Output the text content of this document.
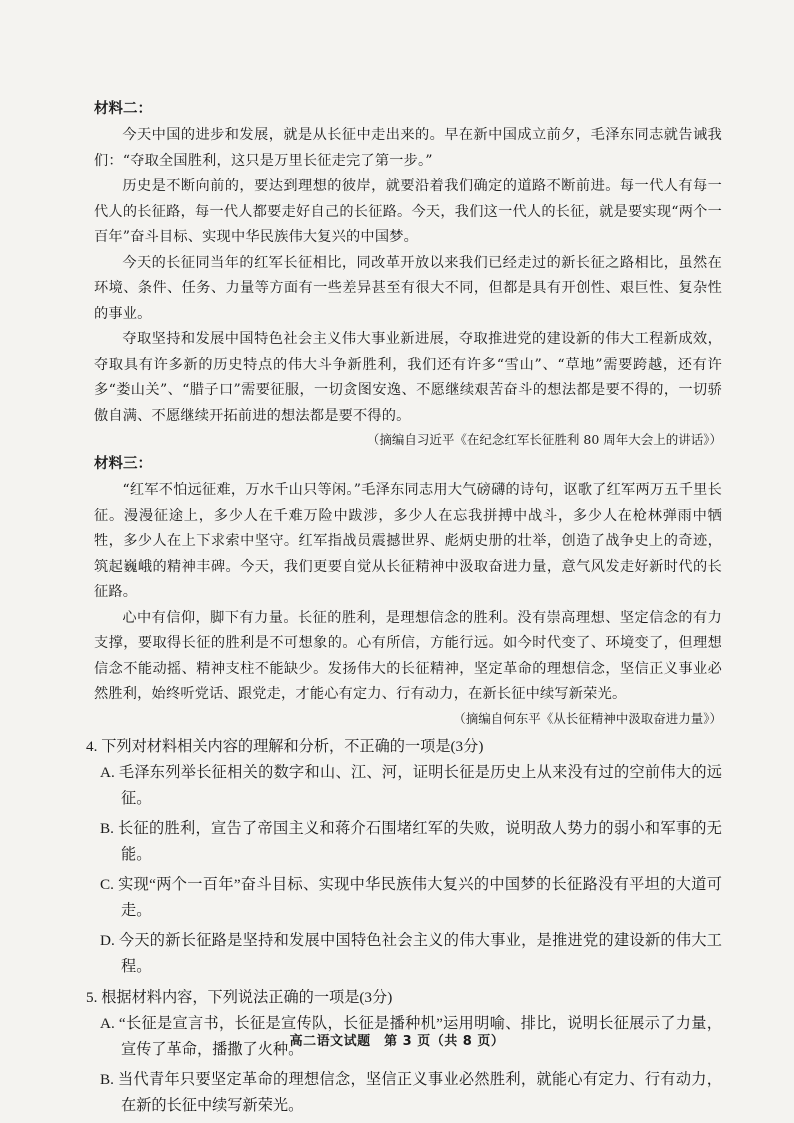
材料二：

今天中国的进步和发展，就是从长征中走出来的。早在新中国成立前夕，毛泽东同志就告诫我们：“夺取全国胜利，这只是万里长征走完了第一步。”

历史是不断向前的，要达到理想的彼岸，就要沿着我们确定的道路不断前进。每一代人有每一代人的长征路，每一代人都要走好自己的长征路。今天，我们这一代人的长征，就是要实现“两个一百年”奋斗目标、实现中华民族伟大复兴的中国梦。

今天的长征同当年的红军长征相比，同改革开放以来我们已经走过的新长征之路相比，虽然在环境、条件、任务、力量等方面有一些差异甚至有很大不同，但都是具有开创性、艰巨性、复杂性的事业。

夺取坚持和发展中国特色社会主义伟大事业新进展，夺取推进党的建设新的伟大工程新成效，夺取具有许多新的历史特点的伟大斗争新胜利，我们还有许多“雪山”、“草地”需要跨越，还有许多“娄山关”、“腊子口”需要征服，一切贪图安逸、不愿继续艰苦奋斗的想法都是要不得的，一切骄傲自满、不愿继续开拓前进的想法都是要不得的。

（摘编自习近平《在纪念红军长征胜利 80 周年大会上的讲话》）
材料三：

“红军不怕远征难，万水千山只等闲。”毛泽东同志用大气磅礴的诗句，讴歌了红军两万五千里长征。漫漫征途上，多少人在千难万险中跋涉，多少人在忘我拼搏中战斗，多少人在枪林弹雨中牺牲，多少人在上下求索中坚守。红军指战员震撼世界、彪炳史册的壮举，创造了战争史上的奇迹，筑起巍峨的精神丰碑。今天，我们更要自觉从长征精神中汲取奋进力量，意气风发走好新时代的长征路。

心中有信仰，脚下有力量。长征的胜利，是理想信念的胜利。没有崇高理想、坚定信念的有力支撑，要取得长征的胜利是不可想象的。心有所信，方能行远。如今时代变了、环境变了，但理想信念不能动摇、精神支柱不能缺少。发扬伟大的长征精神，坚定革命的理想信念，坚信正义事业必然胜利，始终听党话、跟党走，才能心有定力、行有动力，在新长征中续写新荣光。

（摘编自何东平《从长征精神中汲取奋进力量》）
4. 下列对材料相关内容的理解和分析，不正确的一项是(3分)
A. 毛泽东列举长征相关的数字和山、江、河，证明长征是历史上从来没有过的空前伟大的远征。
B. 长征的胜利，宣告了帝国主义和蒋介石围堵红军的失败，说明敌人势力的弱小和军事的无能。
C. 实现“两个一百年”奋斗目标、实现中华民族伟大复兴的中国梦的长征路没有平坦的大道可走。
D. 今天的新长征路是坚持和发展中国特色社会主义的伟大事业，是推进党的建设新的伟大工程。
5. 根据材料内容，下列说法正确的一项是(3分)
A. “长征是宣言书，长征是宣传队，长征是播种机”运用明喻、排比，说明长征展示了力量，宣传了革命，播撒了火种。
B. 当代青年只要坚定革命的理想信念，坚信正义事业必然胜利，就能心有定力、行有动力，在新的长征中续写新荣光。
高二语文试题　第 3 页（共 8 页）
